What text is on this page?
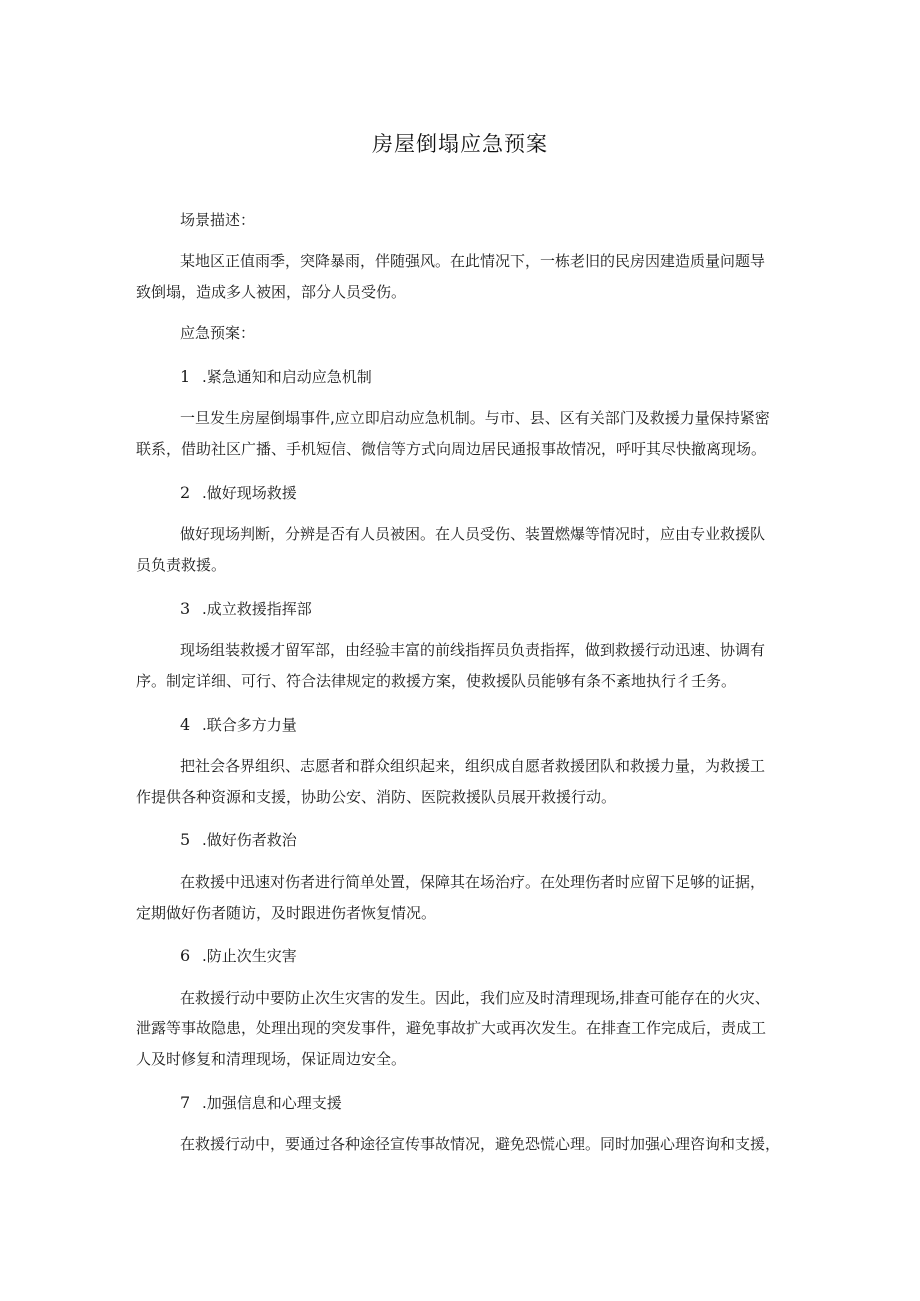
房屋倒塌应急预案
场景描述：
某地区正值雨季，突降暴雨，伴随强风。在此情况下，一栋老旧的民房因建造质量问题导
致倒塌，造成多人被困，部分人员受伤。
应急预案：
1 .紧急通知和启动应急机制
一旦发生房屋倒塌事件,应立即启动应急机制。与市、县、区有关部门及救援力量保持紧密
联系，借助社区广播、手机短信、微信等方式向周边居民通报事故情况，呼吁其尽快撤离现场。
2 .做好现场救援
做好现场判断，分辨是否有人员被困。在人员受伤、装置燃爆等情况时，应由专业救援队
员负责救援。
3 .成立救援指挥部
现场组装救援才留军部，由经验丰富的前线指挥员负责指挥，做到救援行动迅速、协调有
序。制定详细、可行、符合法律规定的救援方案，使救援队员能够有条不紊地执行彳壬务。
4 .联合多方力量
把社会各界组织、志愿者和群众组织起来，组织成自愿者救援团队和救援力量，为救援工
作提供各种资源和支援，协助公安、消防、医院救援队员展开救援行动。
5 .做好伤者救治
在救援中迅速对伤者进行简单处置，保障其在场治疗。在处理伤者时应留下足够的证据，
定期做好伤者随访，及时跟进伤者恢复情况。
6 .防止次生灾害
在救援行动中要防止次生灾害的发生。因此，我们应及时清理现场,排查可能存在的火灾、
泄露等事故隐患，处理出现的突发事件，避免事故扩大或再次发生。在排查工作完成后，责成工
人及时修复和清理现场，保证周边安全。
7 .加强信息和心理支援
在救援行动中，要通过各种途径宣传事故情况，避免恐慌心理。同时加强心理咨询和支援，
